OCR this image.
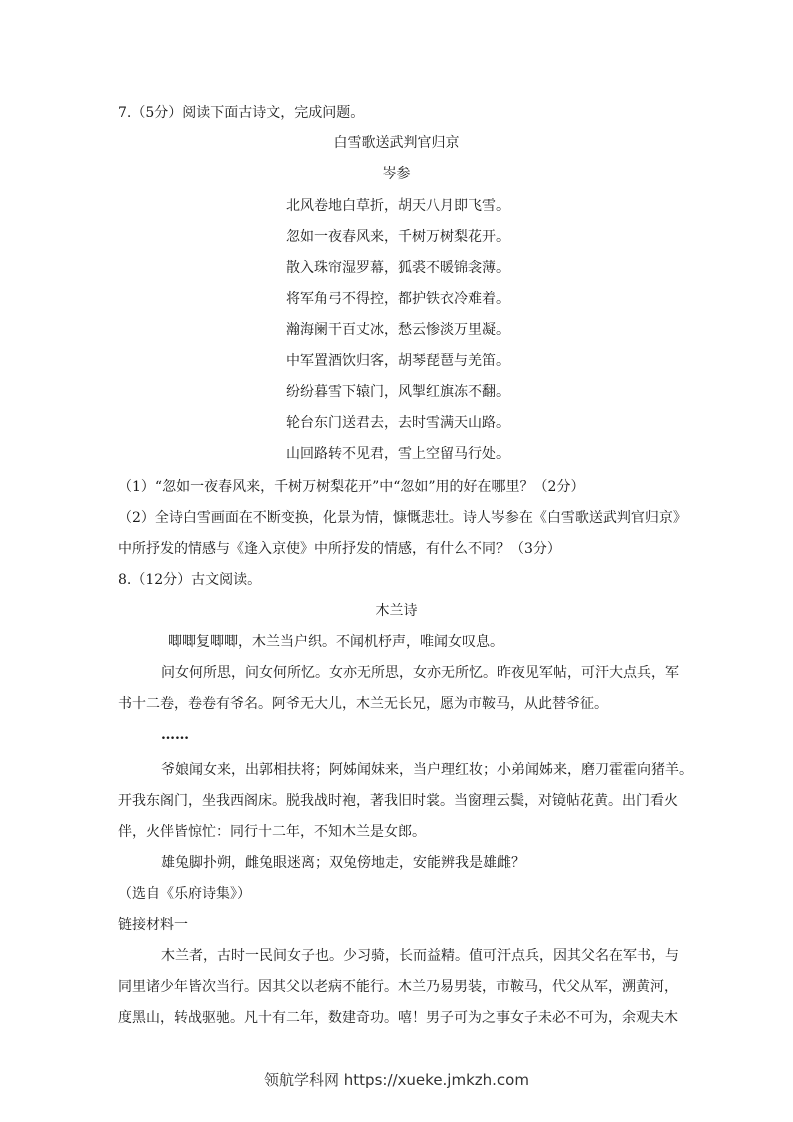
7.（5分）阅读下面古诗文，完成问题。
白雪歌送武判官归京
岑参
北风卷地白草折，胡天八月即飞雪。
忽如一夜春风来，千树万树梨花开。
散入珠帘湿罗幕，狐裘不暖锦衾薄。
将军角弓不得控，都护铁衣冷难着。
瀚海阑干百丈冰，愁云惨淡万里凝。
中军置酒饮归客，胡琴琵琶与羌笛。
纷纷暮雪下辕门，风掣红旗冻不翻。
轮台东门送君去，去时雪满天山路。
山回路转不见君，雪上空留马行处。
（1）“忽如一夜春风来，千树万树梨花开”中“忽如”用的好在哪里？（2分）
（2）全诗白雪画面在不断变换，化景为情，慷慨悲壮。诗人岑参在《白雪歌送武判官归京》
中所抒发的情感与《逢入京使》中所抒发的情感，有什么不同？（3分）
8.（12分）古文阅读。
木兰诗
唧唧复唧唧，木兰当户织。不闻机杼声，唯闻女叹息。
问女何所思，问女何所忆。女亦无所思，女亦无所忆。昨夜见军帖，可汗大点兵，军
书十二卷，卷卷有爷名。阿爷无大儿，木兰无长兄，愿为市鞍马，从此替爷征。
……
爷娘闻女来，出郭相扶将；阿姊闻妹来，当户理红妆；小弟闻姊来，磨刀霍霍向猪羊。
开我东阁门，坐我西阁床。脱我战时袍，著我旧时裳。当窗理云鬓，对镜帖花黄。出门看火
伴，火伴皆惊忙：同行十二年，不知木兰是女郎。
雄兔脚扑朔，雌兔眼迷离；双兔傍地走，安能辨我是雄雌？
（选自《乐府诗集》）
链接材料一
木兰者，古时一民间女子也。少习骑，长而益精。值可汗点兵，因其父名在军书，与
同里诸少年皆次当行。因其父以老病不能行。木兰乃易男装，市鞍马，代父从军，溯黄河，
度黑山，转战驱驰。凡十有二年，数建奇功。嘻！男子可为之事女子未必不可为，余观夫木
领航学科网 https://xueke.jmkzh.com
